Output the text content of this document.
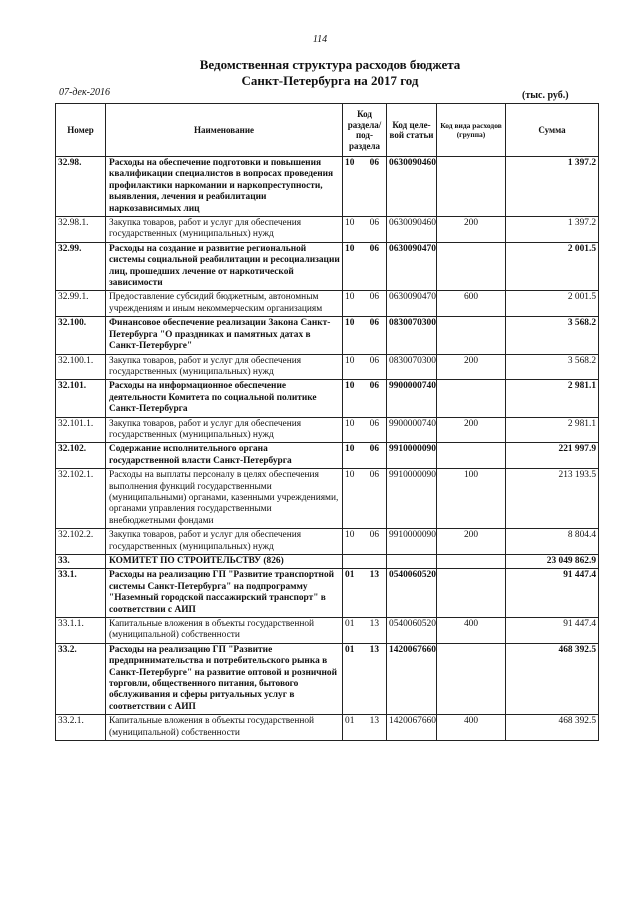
114
Ведомственная структура расходов бюджета
Санкт-Петербурга на 2017 год
07-дек-2016	(тыс. руб.)
Номер	Наименование	Код раздела/ под-раздела	Код целе-вой статьи	Код вида расходов (группа)	Сумма
32.98.	Расходы на обеспечение подготовки и повышения квалификации специалистов в вопросах проведения профилактики наркомании и наркопреступности, выявления, лечения и реабилитации наркозависимых лиц	10 06	0630090460		1 397.2
32.98.1.	Закупка товаров, работ и услуг для обеспечения государственных (муниципальных) нужд	10 06	0630090460	200	1 397.2
32.99.	Расходы на создание и развитие региональной системы социальной реабилитации и ресоциализации лиц, прошедших лечение от наркотической зависимости	10 06	0630090470		2 001.5
32.99.1.	Предоставление субсидий бюджетным, автономным учреждениям и иным некоммерческим организациям	10 06	0630090470	600	2 001.5
32.100.	Финансовое обеспечение реализации Закона Санкт-Петербурга "О праздниках и памятных датах в Санкт-Петербурге"	10 06	0830070300		3 568.2
32.100.1.	Закупка товаров, работ и услуг для обеспечения государственных (муниципальных) нужд	10 06	0830070300	200	3 568.2
32.101.	Расходы на информационное обеспечение деятельности Комитета по социальной политике Санкт-Петербурга	10 06	9900000740		2 981.1
32.101.1.	Закупка товаров, работ и услуг для обеспечения государственных (муниципальных) нужд	10 06	9900000740	200	2 981.1
32.102.	Содержание исполнительного органа государственной власти Санкт-Петербурга	10 06	9910000090		221 997.9
32.102.1.	Расходы на выплаты персоналу в целях обеспечения выполнения функций государственными (муниципальными) органами, казенными учреждениями, органами управления государственными внебюджетными фондами	10 06	9910000090	100	213 193.5
32.102.2.	Закупка товаров, работ и услуг для обеспечения государственных (муниципальных) нужд	10 06	9910000090	200	8 804.4
33.	КОМИТЕТ ПО СТРОИТЕЛЬСТВУ (826)				23 049 862.9
33.1.	Расходы на реализацию ГП "Развитие транспортной системы Санкт-Петербурга" на подпрограмму "Наземный городской пассажирский транспорт" в соответствии с АИП	01 13	0540060520		91 447.4
33.1.1.	Капитальные вложения в объекты государственной (муниципальной) собственности	01 13	0540060520	400	91 447.4
33.2.	Расходы на реализацию ГП "Развитие предпринимательства и потребительского рынка в Санкт-Петербурге" на развитие оптовой и розничной торговли, общественного питания, бытового обслуживания и сферы ритуальных услуг в соответствии с АИП	01 13	1420067660		468 392.5
33.2.1.	Капитальные вложения в объекты государственной (муниципальной) собственности	01 13	1420067660	400	468 392.5
